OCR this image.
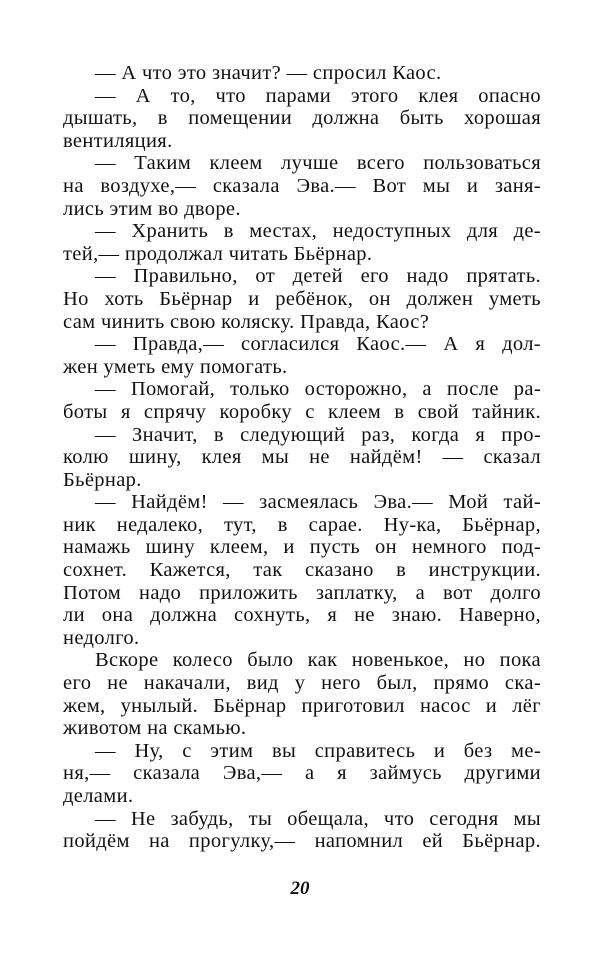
— А что это значит? — спросил Каос.
— А то, что парами этого клея опасно
дышать, в помещении должна быть хорошая
вентиляция.
— Таким клеем лучше всего пользоваться
на воздухе,— сказала Эва.— Вот мы и заня-
лись этим во дворе.
— Хранить в местах, недоступных для де-
тей,— продолжал читать Бьёрнар.
— Правильно, от детей его надо прятать.
Но хоть Бьёрнар и ребёнок, он должен уметь
сам чинить свою коляску. Правда, Каос?
— Правда,— согласился Каос.— А я дол-
жен уметь ему помогать.
— Помогай, только осторожно, а после ра-
боты я спрячу коробку с клеем в свой тайник.
— Значит, в следующий раз, когда я про-
колю шину, клея мы не найдём! — сказал
Бьёрнар.
— Найдём! — засмеялась Эва.— Мой тай-
ник недалеко, тут, в сарае. Ну-ка, Бьёрнар,
намажь шину клеем, и пусть он немного под-
сохнет. Кажется, так сказано в инструкции.
Потом надо приложить заплатку, а вот долго
ли она должна сохнуть, я не знаю. Наверно,
недолго.
Вскоре колесо было как новенькое, но пока
его не накачали, вид у него был, прямо ска-
жем, унылый. Бьёрнар приготовил насос и лёг
животом на скамью.
— Ну, с этим вы справитесь и без ме-
ня,— сказала Эва,— а я займусь другими
делами.
— Не забудь, ты обещала, что сегодня мы
пойдём на прогулку,— напомнил ей Бьёрнар.
20
